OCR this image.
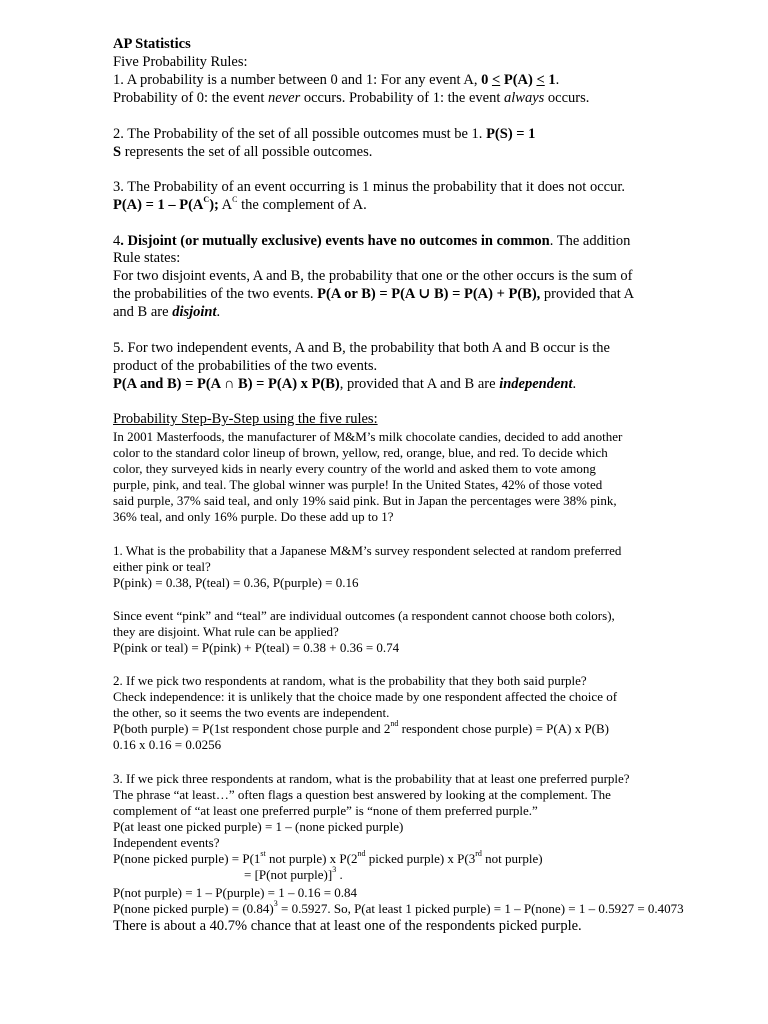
AP Statistics
Five Probability Rules:
1. A probability is a number between 0 and 1: For any event A, 0 < P(A) < 1.
Probability of 0: the event never occurs. Probability of 1: the event always occurs.
2. The Probability of the set of all possible outcomes must be 1. P(S) = 1
S represents the set of all possible outcomes.
3. The Probability of an event occurring is 1 minus the probability that it does not occur.
$P(A) = 1 - P(A^C)$; $A^C$ the complement of A.
4. Disjoint (or mutually exclusive) events have no outcomes in common. The addition
Rule states:
For two disjoint events, A and B, the probability that one or the other occurs is the sum of
the probabilities of the two events. P(A or B) = P(A ∪ B) = P(A) + P(B), provided that A
and B are disjoint.
5. For two independent events, A and B, the probability that both A and B occur is the
product of the probabilities of the two events.
P(A and B) = P(A ∩ B) = P(A) x P(B), provided that A and B are independent.
Probability Step-By-Step using the five rules:
In 2001 Masterfoods, the manufacturer of M&M’s milk chocolate candies, decided to add another
color to the standard color lineup of brown, yellow, red, orange, blue, and red. To decide which
color, they surveyed kids in nearly every country of the world and asked them to vote among
purple, pink, and teal. The global winner was purple! In the United States, 42% of those voted
said purple, 37% said teal, and only 19% said pink. But in Japan the percentages were 38% pink,
36% teal, and only 16% purple. Do these add up to 1?
1. What is the probability that a Japanese M&M’s survey respondent selected at random preferred
either pink or teal?
P(pink) = 0.38, P(teal) = 0.36, P(purple) = 0.16
Since event “pink” and “teal” are individual outcomes (a respondent cannot choose both colors),
they are disjoint. What rule can be applied?
P(pink or teal) = P(pink) + P(teal) = 0.38 + 0.36 = 0.74
2. If we pick two respondents at random, what is the probability that they both said purple?
Check independence: it is unlikely that the choice made by one respondent affected the choice of
the other, so it seems the two events are independent.
P(both purple) = P(1st respondent chose purple and 2nd respondent chose purple) = P(A) x P(B)
0.16 x 0.16 = 0.0256
3. If we pick three respondents at random, what is the probability that at least one preferred purple?
The phrase “at least…” often flags a question best answered by looking at the complement. The
complement of “at least one preferred purple” is “none of them preferred purple.”
P(at least one picked purple) = 1 – (none picked purple)
Independent events?
P(none picked purple) = P(1st not purple) x P(2nd picked purple) x P(3rd not purple)
= [P(not purple)]$^3$ .
P(not purple) = 1 – P(purple) = 1 – 0.16 = 0.84
P(none picked purple) = $(0.84)^3 = 0.5927$. So, P(at least 1 picked purple) = 1 – P(none) = 1 – 0.5927 = 0.4073
There is about a 40.7% chance that at least one of the respondents picked purple.
